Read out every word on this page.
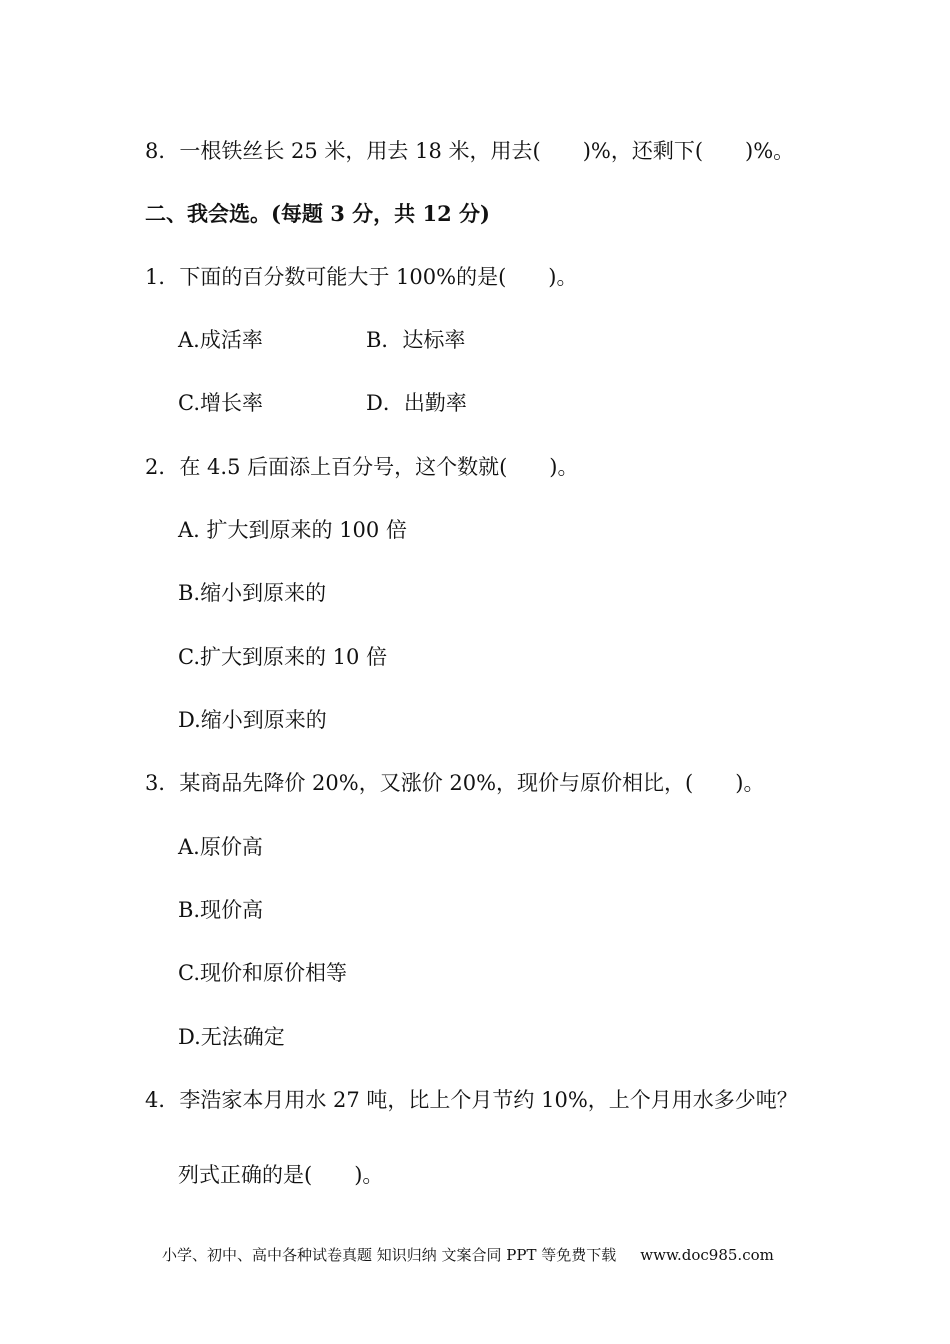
8．一根铁丝长 25 米，用去 18 米，用去(　　)%，还剩下(　　)%。
二、我会选。(每题 3 分，共 12 分)
1．下面的百分数可能大于 100%的是(　　)。
A.成活率	B．达标率
C.增长率	D．出勤率
2．在 4.5 后面添上百分号，这个数就(　　)。
A. 扩大到原来的 100 倍
B.缩小到原来的
C.扩大到原来的 10 倍
D.缩小到原来的
3．某商品先降价 20%，又涨价 20%，现价与原价相比，(　　)。
A.原价高
B.现价高
C.现价和原价相等
D.无法确定
4．李浩家本月用水 27 吨，比上个月节约 10%，上个月用水多少吨？
列式正确的是(　　)。
小学、初中、高中各种试卷真题 知识归纳 文案合同 PPT 等免费下载 www.doc985.com
